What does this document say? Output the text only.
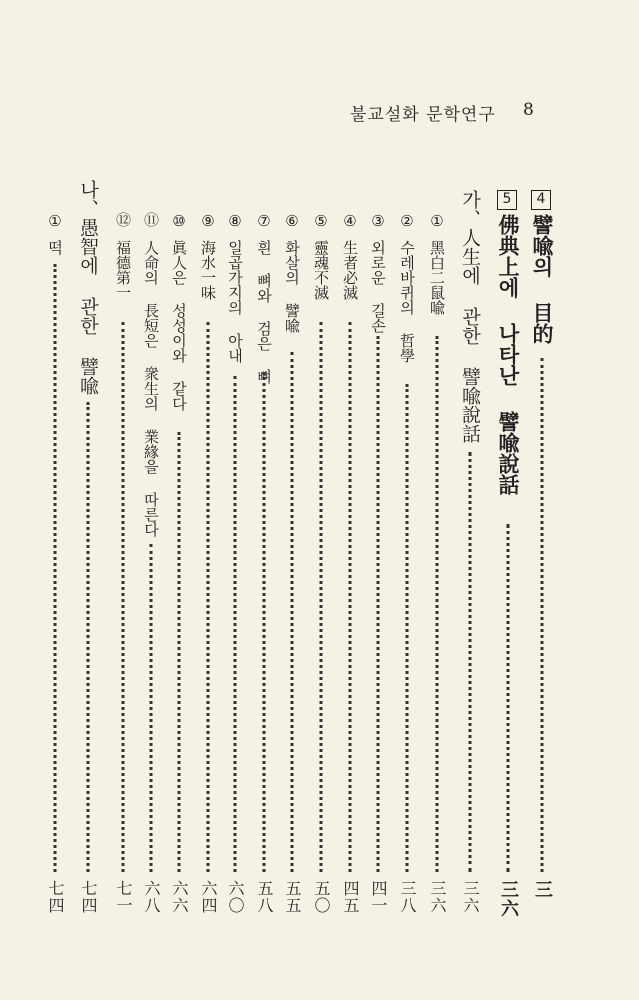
불교설화 문학연구 8
4
譬喩의 目的
三
5
佛典上에 나타난 譬喩說話
三六
가、人生에 관한 譬喩說話
三六
①
黑白二鼠喩
三六
②
수레바퀴의 哲學
三八
③
외로운 길손
四一
④
生者必滅
四五
⑤
靈魂不滅
五〇
⑥
화살의 譬喩
五五
⑦
흰 뼈와 검은 뼈
五八
⑧
일곱가지의 아내
六〇
⑨
海水一味
六四
⑩
眞人은 성성이와 같다
六六
⑪
人命의 長短은 衆生의 業緣을 따른다
六八
⑫
福德第一
七一
나、愚智에 관한 譬喩
七四
①
떡
七四
